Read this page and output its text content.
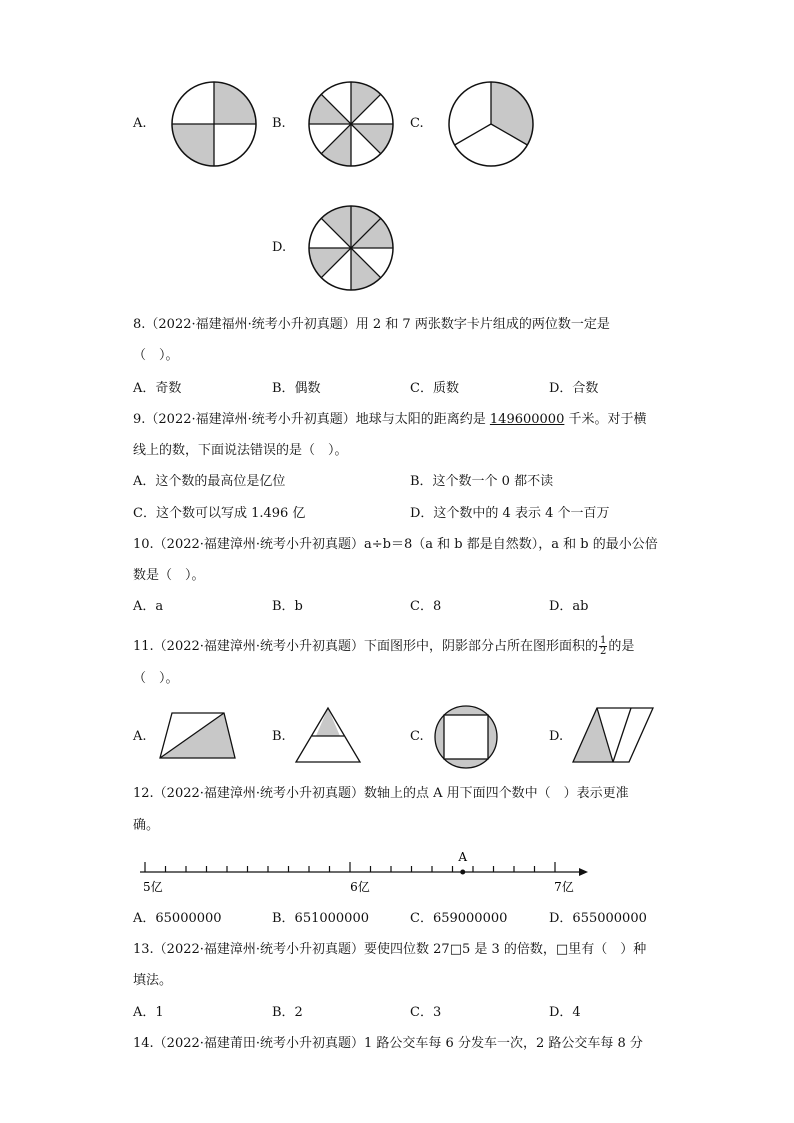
A.	B.	C.
D.
8.（2022·福建福州·统考小升初真题）用 2 和 7 两张数字卡片组成的两位数一定是
（　）。
A．奇数	B．偶数	C．质数	D．合数
9.（2022·福建漳州·统考小升初真题）地球与太阳的距离约是 149600000 千米。对于横
线上的数，下面说法错误的是（　）。
A．这个数的最高位是亿位	B．这个数一个 0 都不读
C．这个数可以写成 1.496 亿	D．这个数中的 4 表示 4 个一百万
10.（2022·福建漳州·统考小升初真题）a÷b＝8（a 和 b 都是自然数），a 和 b 的最小公倍
数是（　）。
A．a	B．b	C．8	D．ab
11.（2022·福建漳州·统考小升初真题）下面图形中，阴影部分占所在图形面积的 $\frac{1}{2}$ 的是
（　）。
A.	B.	C.	D.
12.（2022·福建漳州·统考小升初真题）数轴上的点 A 用下面四个数中（　）表示更准
确。
A
5亿	6亿	7亿
A．65000000	B．651000000	C．659000000	D．655000000
13.（2022·福建漳州·统考小升初真题）要使四位数 27□5 是 3 的倍数，□里有（　）种
填法。
A．1	B．2	C．3	D．4
14.（2022·福建莆田·统考小升初真题）1 路公交车每 6 分发车一次，2 路公交车每 8 分
